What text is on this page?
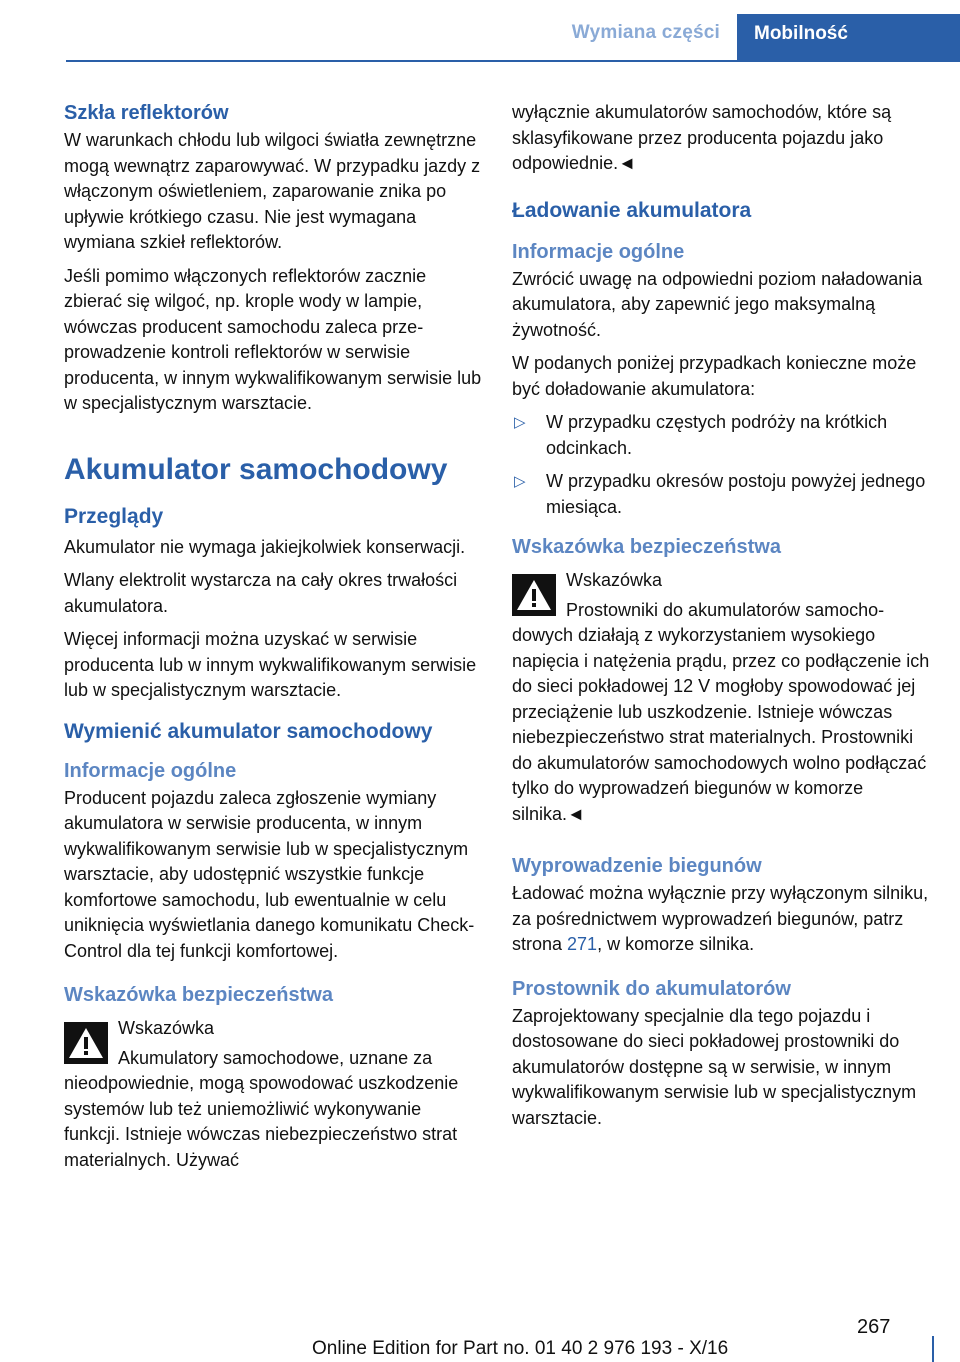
Wymiana części	Mobilność
Szkła reflektorów

W warunkach chłodu lub wilgoci światła zewnętrzne mogą wewnątrz zaparowywać. W przypadku jazdy z włączonym oświetleniem, zaparowanie znika po upływie krótkiego czasu. Nie jest wymagana wymiana szkieł reflektorów.

Jeśli pomimo włączonych reflektorów zacznie zbierać się wilgoć, np. krople wody w lampie, wówczas producent samochodu zaleca przeprowadzenie kontroli reflektorów w serwisie producenta, w innym wykwalifikowanym serwisie lub w specjalistycznym warsztacie.

Akumulator samochodowy
Przeglądy

Akumulator nie wymaga jakiejkolwiek konserwacji.

Wlany elektrolit wystarcza na cały okres trwałości akumulatora.

Więcej informacji można uzyskać w serwisie producenta lub w innym wykwalifikowanym serwisie lub w specjalistycznym warsztacie.

Wymienić akumulator samochodowy
Informacje ogólne

Producent pojazdu zaleca zgłoszenie wymiany akumulatora w serwisie producenta, w innym wykwalifikowanym serwisie lub w specjalistycznym warsztacie, aby udostępnić wszystkie funkcje komfortowe samochodu, lub ewentualnie w celu uniknięcia wyświetlania danego komunikatu Check-Control dla tej funkcji komfortowej.

Wskazówka bezpieczeństwa
Wskazówka

Akumulatory samochodowe, uznane za nieodpowiednie, mogą spowodować uszkodzenie systemów lub też uniemożliwić wykonywanie funkcji. Istnieje wówczas niebezpieczeństwo strat materialnych. Używać

wyłącznie akumulatorów samochodów, które są sklasyfikowane przez producenta pojazdu jako odpowiednie.◄

Ładowanie akumulatora
Informacje ogólne

Zwrócić uwagę na odpowiedni poziom naładowania akumulatora, aby zapewnić jego maksymalną żywotność.

W podanych poniżej przypadkach konieczne może być doładowanie akumulatora:

▷ W przypadku częstych podróży na krótkich odcinkach.
▷ W przypadku okresów postoju powyżej jednego miesiąca.
Wskazówka bezpieczeństwa
Wskazówka

Prostowniki do akumulatorów samochodowych działają z wykorzystaniem wysokiego napięcia i natężenia prądu, przez co podłączenie ich do sieci pokładowej 12 V mogłoby spowodować jej przeciążenie lub uszkodzenie. Istnieje wówczas niebezpieczeństwo strat materialnych. Prostowniki do akumulatorów samochodowych wolno podłączać tylko do wyprowadzeń biegunów w komorze silnika.◄

Wyprowadzenie biegunów

Ładować można wyłącznie przy wyłączonym silniku, za pośrednictwem wyprowadzeń biegunów, patrz strona 271, w komorze silnika.

Prostownik do akumulatorów

Zaprojektowany specjalnie dla tego pojazdu i dostosowane do sieci pokładowej prostowniki do akumulatorów dostępne są w serwisie, w innym wykwalifikowanym serwisie lub w specjalistycznym warsztacie.

267
Online Edition for Part no. 01 40 2 976 193 - X/16
